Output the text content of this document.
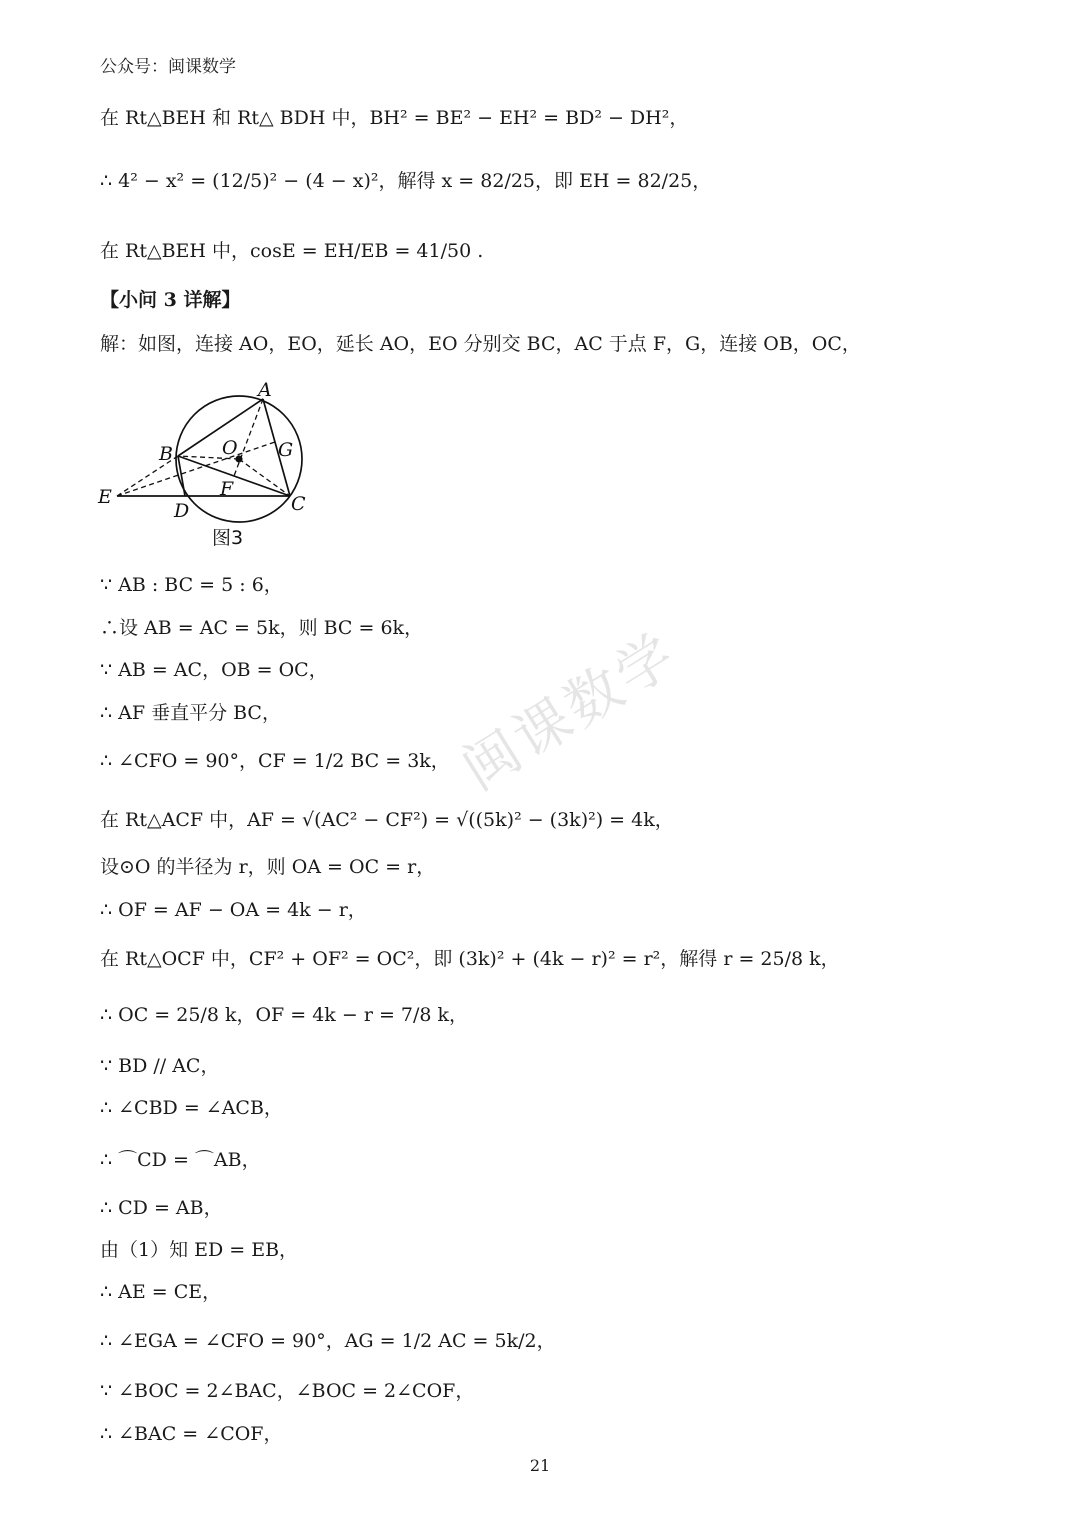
公众号：闽课数学
在 Rt△BEH 和 Rt△ BDH 中，BH² = BE² − EH² = BD² − DH²，
∴ 4² − x² = (12/5)² − (4 − x)²，解得 x = 82/25，即 EH = 82/25，
在 Rt△BEH 中，cosE = EH/EB = 41/50 .
【小问 3 详解】
解：如图，连接 AO，EO，延长 AO，EO 分别交 BC，AC 于点 F，G，连接 OB，OC，
A
B	O G
E	F
D	C
图3
∵ AB : BC = 5 : 6，
∴设 AB = AC = 5k，则 BC = 6k，
∵ AB = AC，OB = OC，
∴ AF 垂直平分 BC，
∴ ∠CFO = 90°，CF = 1/2 BC = 3k，
在 Rt△ACF 中，AF = √(AC² − CF²) = √((5k)² − (3k)²) = 4k，
设⊙O 的半径为 r，则 OA = OC = r，
∴ OF = AF − OA = 4k − r，
在 Rt△OCF 中，CF² + OF² = OC²，即 (3k)² + (4k − r)² = r²，解得 r = 25/8 k，
∴ OC = 25/8 k，OF = 4k − r = 7/8 k，
∵ BD // AC，
∴ ∠CBD = ∠ACB，
∴ ⌒CD = ⌒AB，
∴ CD = AB，
由（1）知 ED = EB，
∴ AE = CE，
∴ ∠EGA = ∠CFO = 90°，AG = 1/2 AC = 5k/2，
∵ ∠BOC = 2∠BAC，∠BOC = 2∠COF，
∴ ∠BAC = ∠COF，
闽课数学
21
